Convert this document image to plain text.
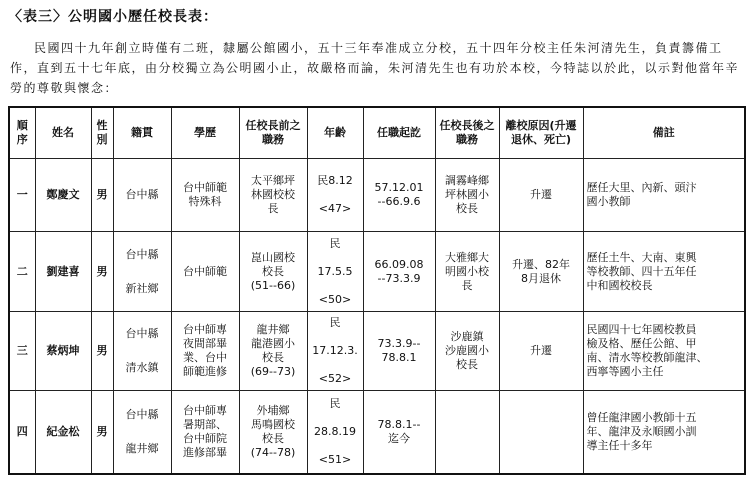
〈表三〉公明國小歷任校長表：

民國四十九年創立時僅有二班，隸屬公館國小，五十三年奉准成立分校，五十四年分校主任朱河清先生，負責籌備工作，直到五十七年底，由分校獨立為公明國小止，故嚴格而論，朱河清先生也有功於本校，今特誌以於此，以示對他當年辛勞的尊敬與懷念：

順序	姓名	性別	籍貫	學歷	任校長前之職務	年齡	任職起訖	任校長後之職務	離校原因(升遷退休、死亡)	備註
一	鄭慶文	男	台中縣	台中師範
特殊科	太平鄉坪
林國校校
長	民8.12
<47>	57.12.01
--66.9.6	調霧峰鄉
坪林國小
校長	升遷	歷任大里、內新、頭汴
國小教師

二	劉建喜	男	台中縣
新社鄉	台中師範	崑山國校
校長
(51--66)	民
17.5.5
<50>	66.09.08
--73.3.9	大雅鄉大
明國小校
長	升遷、82年
8月退休	歷任土牛、大南、東興
等校教師、四十五年任
中和國校校長

三	蔡炳坤	男	台中縣
清水鎮	台中師專
夜間部畢
業、台中
師範進修	龍井鄉
龍港國小
校長
(69--73)	民
17.12.3.
<52>	73.3.9--
78.8.1	沙鹿鎮
沙鹿國小
校長	升遷	民國四十七年國校教員
檢及格、歷任公館、甲
南、清水等校教師龍津、
西寧等國小主任

四	紀金松	男	台中縣
龍井鄉	台中師專
暑期部、
台中師院
進修部畢	外埔鄉
馬鳴國校
校長
(74--78)	民
28.8.19
<51>	78.8.1--
迄今			曾任龍津國小教師十五
年、龍津及永順國小訓
導主任十多年
